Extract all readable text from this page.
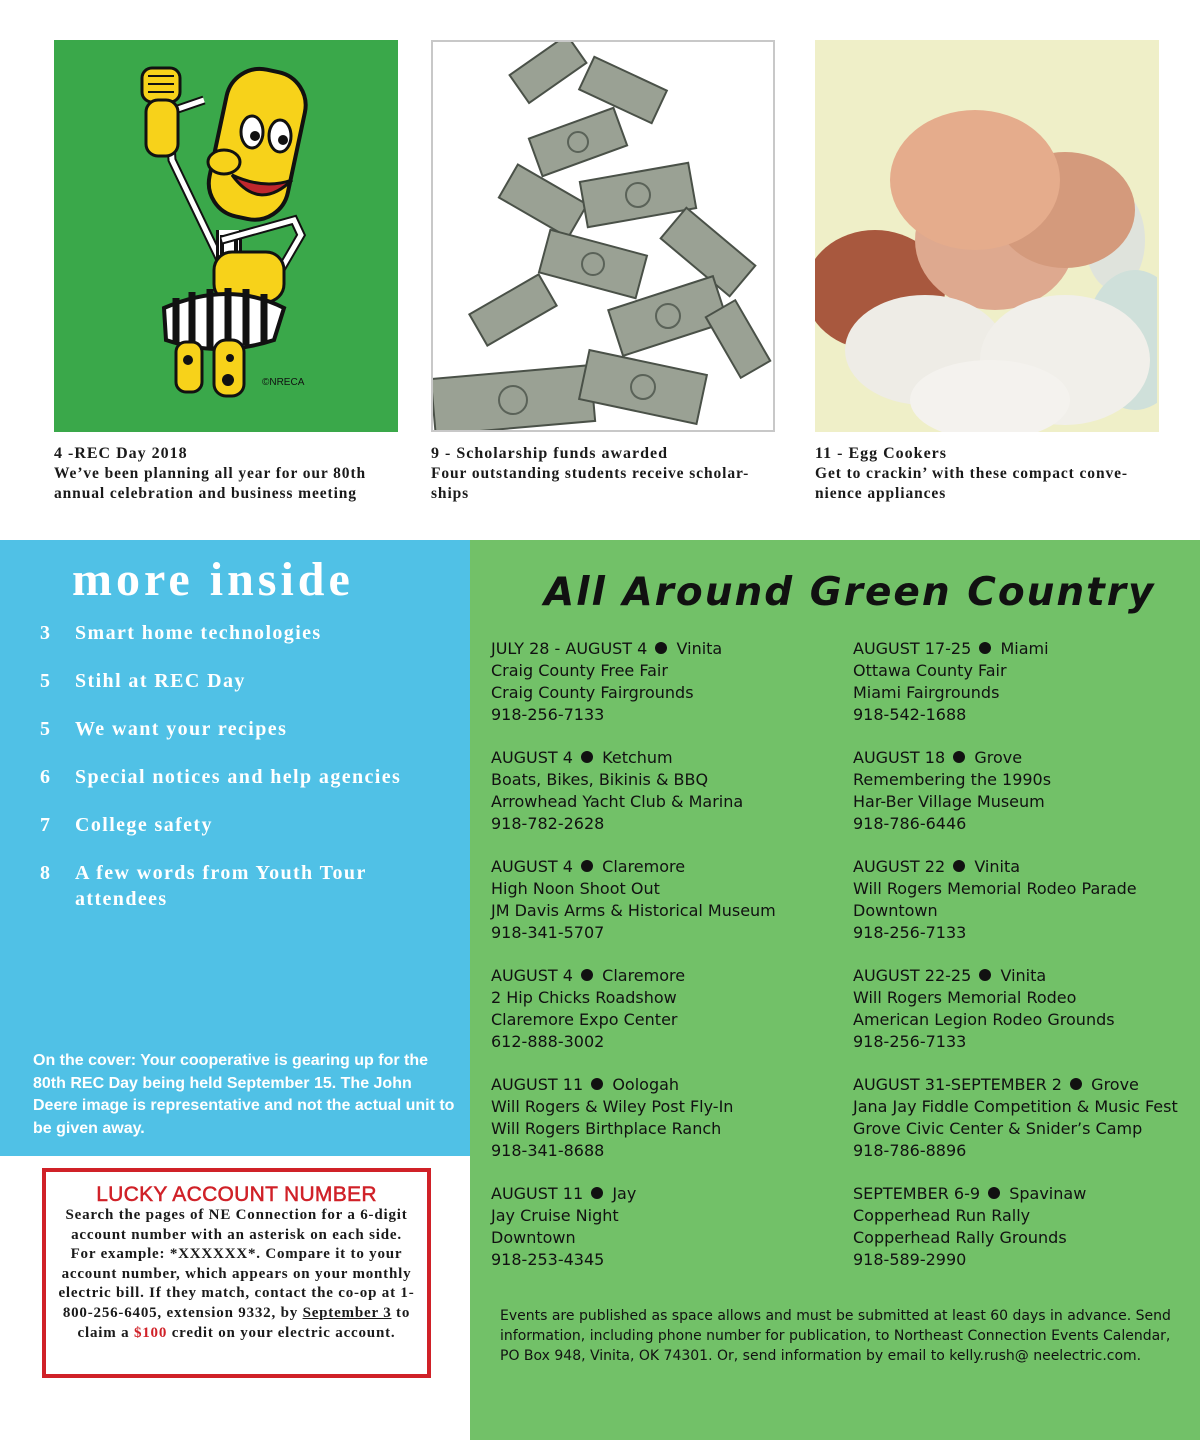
©NRECA
4 -REC Day 2018
We’ve been planning all year for our 80th
annual celebration and business meeting
9 - Scholarship funds awarded
Four outstanding students receive scholar-
ships
11 - Egg Cookers
Get to crackin’ with these compact conve-
nience appliances
more inside
3	Smart home technologies
5	Stihl at REC Day
5	We want your recipes
6	Special notices and help agencies
7	College safety
8	A few words from Youth Tour attendees

On the cover: Your cooperative is gearing up for the 80th REC Day being held September 15. The John Deere image is representative and not the actual unit to be given away.

LUCKY ACCOUNT NUMBER

Search the pages of NE Connection for a 6-digit account number with an asterisk on each side. For example: *XXXXXX*. Compare it to your account number, which appears on your monthly electric bill. If they match, contact the co-op at 1-800-256-6405, extension 9332, by September 3 to claim a $100 credit on your electric account.

All Around Green Country
JULY 28 - AUGUST 4 Vinita
Craig County Free Fair
Craig County Fairgrounds
918-256-7133
AUGUST 4 Ketchum
Boats, Bikes, Bikinis & BBQ
Arrowhead Yacht Club & Marina
918-782-2628
AUGUST 4 Claremore
High Noon Shoot Out
JM Davis Arms & Historical Museum
918-341-5707
AUGUST 4 Claremore
2 Hip Chicks Roadshow
Claremore Expo Center
612-888-3002
AUGUST 11 Oologah
Will Rogers & Wiley Post Fly-In
Will Rogers Birthplace Ranch
918-341-8688
AUGUST 11 Jay
Jay Cruise Night
Downtown
918-253-4345
AUGUST 17-25 Miami
Ottawa County Fair
Miami Fairgrounds
918-542-1688
AUGUST 18 Grove
Remembering the 1990s
Har-Ber Village Museum
918-786-6446
AUGUST 22 Vinita
Will Rogers Memorial Rodeo Parade
Downtown
918-256-7133
AUGUST 22-25 Vinita
Will Rogers Memorial Rodeo
American Legion Rodeo Grounds
918-256-7133
AUGUST 31-SEPTEMBER 2 Grove
Jana Jay Fiddle Competition & Music Fest
Grove Civic Center & Snider’s Camp
918-786-8896
SEPTEMBER 6-9 Spavinaw
Copperhead Run Rally
Copperhead Rally Grounds
918-589-2990

Events are published as space allows and must be submitted at least 60 days in advance. Send information, including phone number for publication, to Northeast Connection Events Calendar, PO Box 948, Vinita, OK 74301. Or, send information by email to kelly.rush@ neelectric.com.
